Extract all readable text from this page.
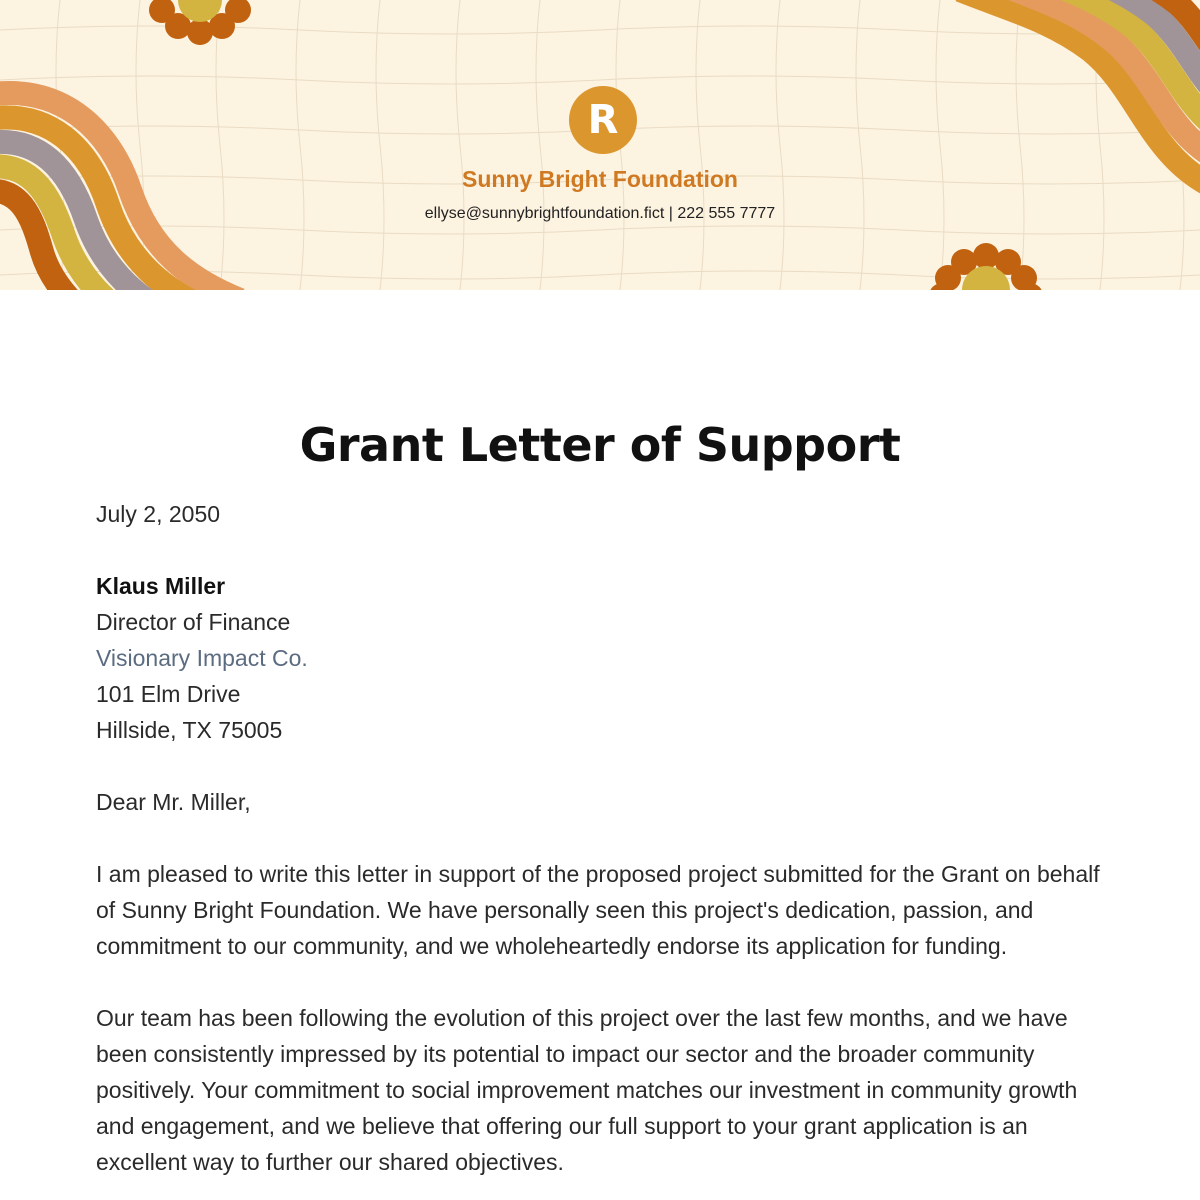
R
Sunny Bright Foundation
ellyse@sunnybrightfoundation.fict | 222 555 7777
Grant Letter of Support

July 2, 2050

Klaus Miller

Director of Finance

Visionary Impact Co.

101 Elm Drive

Hillside, TX 75005

Dear Mr. Miller,

I am pleased to write this letter in support of the proposed project submitted for the Grant on behalf of Sunny Bright Foundation. We have personally seen this project's dedication, passion, and commitment to our community, and we wholeheartedly endorse its application for funding.

Our team has been following the evolution of this project over the last few months, and we have been consistently impressed by its potential to impact our sector and the broader community positively. Your commitment to social improvement matches our investment in community growth and engagement, and we believe that offering our full support to your grant application is an excellent way to further our shared objectives.
